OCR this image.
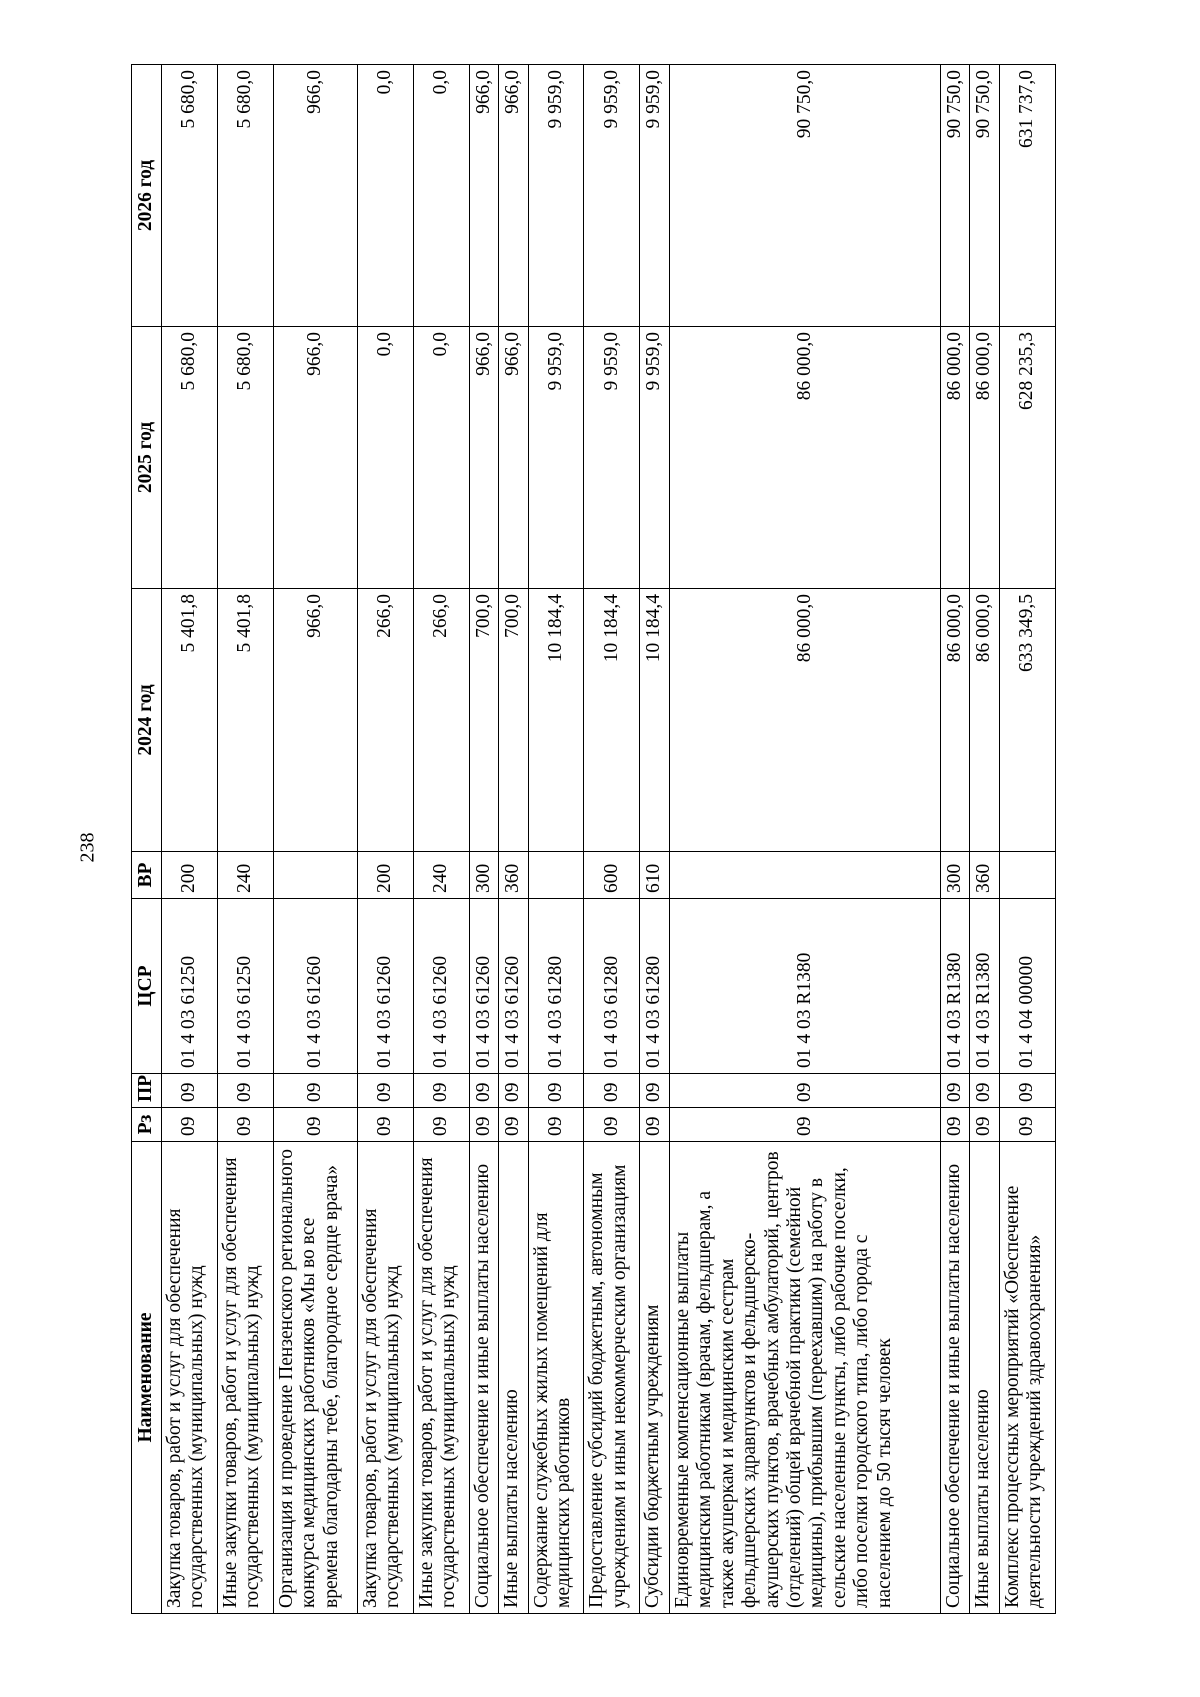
238
Наименование	Рз	ПР	ЦСР	ВР	2024 год	2025 год	2026 год
Закупка товаров, работ и услуг для обеспечения государственных (муниципальных) нужд	09	09	01 4 03 61250	200	5 401,8	5 680,0	5 680,0
Иные закупки товаров, работ и услуг для обеспечения государственных (муниципальных) нужд	09	09	01 4 03 61250	240	5 401,8	5 680,0	5 680,0
Организация и проведение Пензенского регионального конкурса медицинских работников «Мы во все времена благодарны тебе, благородное сердце врача»	09	09	01 4 03 61260		966,0	966,0	966,0
Закупка товаров, работ и услуг для обеспечения государственных (муниципальных) нужд	09	09	01 4 03 61260	200	266,0	0,0	0,0
Иные закупки товаров, работ и услуг для обеспечения государственных (муниципальных) нужд	09	09	01 4 03 61260	240	266,0	0,0	0,0
Социальное обеспечение и иные выплаты населению	09	09	01 4 03 61260	300	700,0	966,0	966,0
Иные выплаты населению	09	09	01 4 03 61260	360	700,0	966,0	966,0
Содержание служебных жилых помещений для медицинских работников	09	09	01 4 03 61280		10 184,4	9 959,0	9 959,0
Предоставление субсидий бюджетным, автономным учреждениям и иным некоммерческим организациям	09	09	01 4 03 61280	600	10 184,4	9 959,0	9 959,0
Субсидии бюджетным учреждениям	09	09	01 4 03 61280	610	10 184,4	9 959,0	9 959,0
Единовременные компенсационные выплаты медицинским работникам (врачам, фельдшерам, а также акушеркам и медицинским сестрам фельдшерских здравпунктов и фельдшерско-акушерских пунктов, врачебных амбулаторий, центров (отделений) общей врачебной практики (семейной медицины), прибывшим (переехавшим) на работу в сельские населенные пункты, либо рабочие поселки, либо поселки городского типа, либо города с населением до 50 тысяч человек	09	09	01 4 03 R1380		86 000,0	86 000,0	90 750,0
Социальное обеспечение и иные выплаты населению	09	09	01 4 03 R1380	300	86 000,0	86 000,0	90 750,0
Иные выплаты населению	09	09	01 4 03 R1380	360	86 000,0	86 000,0	90 750,0
Комплекс процессных мероприятий «Обеспечение деятельности учреждений здравоохранения»	09	09	01 4 04 00000		633 349,5	628 235,3	631 737,0
